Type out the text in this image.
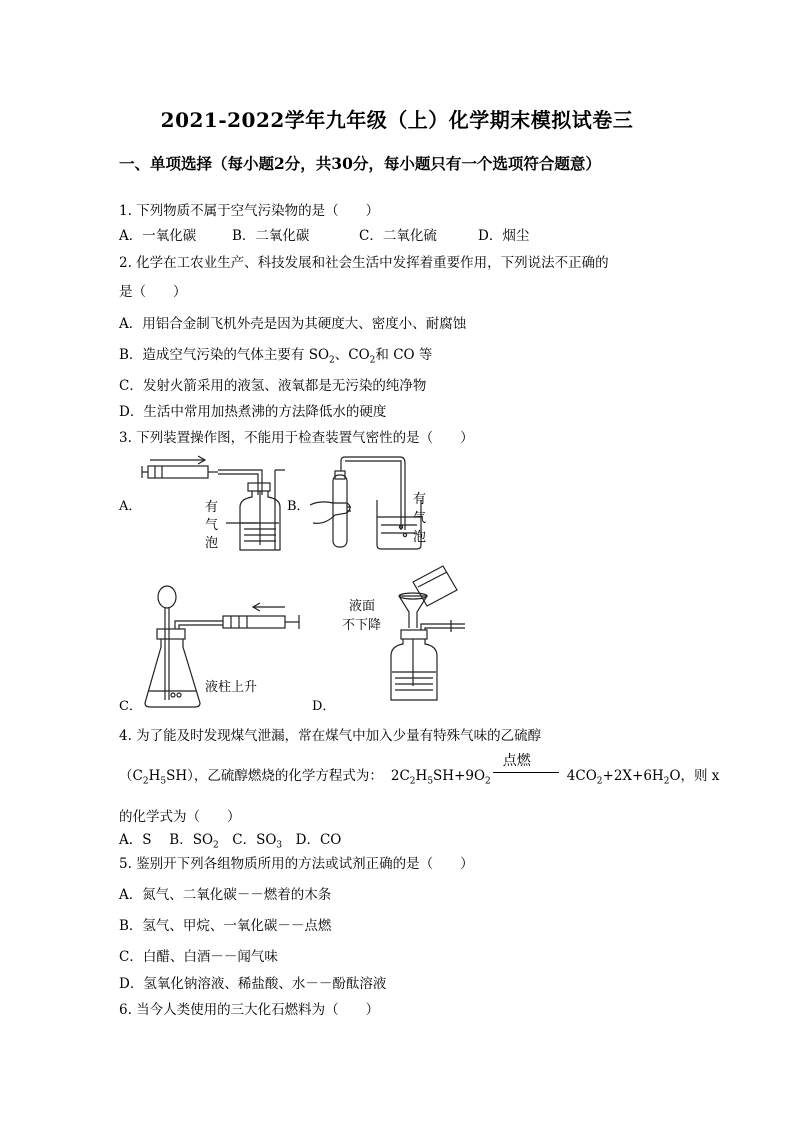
2021-2022学年九年级（上）化学期末模拟试卷三
一、单项选择（每小题2分，共30分，每小题只有一个选项符合题意）
1. 下列物质不属于空气污染物的是（　　）
A．一氧化碳	B．二氧化碳	C．二氧化硫	D．烟尘
2. 化学在工农业生产、科技发展和社会生活中发挥着重要作用，下列说法不正确的
是（　　）
A．用铝合金制飞机外壳是因为其硬度大、密度小、耐腐蚀
B．造成空气污染的气体主要有 $SO_2$、$CO_2$和 CO 等
C．发射火箭采用的液氢、液氧都是无污染的纯净物
D．生活中常用加热煮沸的方法降低水的硬度
3. 下列装置操作图，不能用于检查装置气密性的是（　　）
A．	B．
C．	D．
有
气
泡
有
气
泡
液柱上升
液面
不下降
4. 为了能及时发现煤气泄漏，常在煤气中加入少量有特殊气味的乙硫醇
$(C_2H_5SH)$，乙硫醇燃烧的化学方程式为： $2C_2H_5SH+9O_2$
点燃
$4CO_2+2X+6H_2O$，则 x
的化学式为（　　）
A．S　 B．$SO_2$　C．$SO_3$　D．CO
5. 鉴别开下列各组物质所用的方法或试剂正确的是（　　）
A．氮气、二氧化碳－－燃着的木条
B．氢气、甲烷、一氧化碳－－点燃
C．白醋、白酒－－闻气味
D．氢氧化钠溶液、稀盐酸、水－－酚酞溶液
6. 当今人类使用的三大化石燃料为（　　）
